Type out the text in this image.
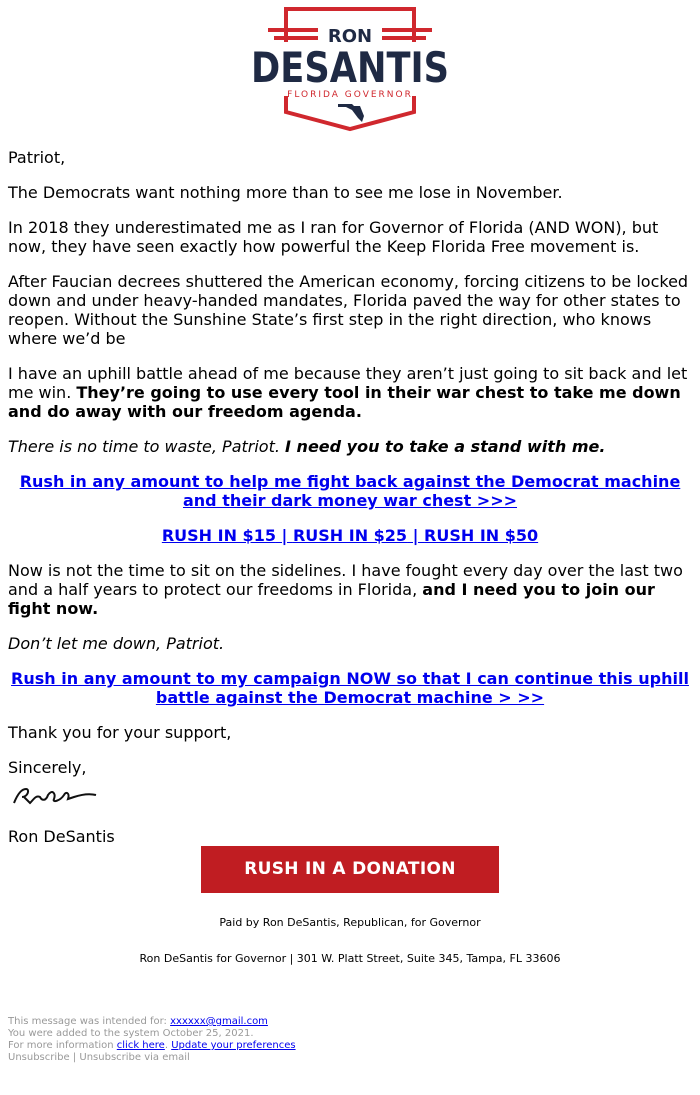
RON
DESANTIS
FLORIDA GOVERNOR

Patriot,

The Democrats want nothing more than to see me lose in November.

In 2018 they underestimated me as I ran for Governor of Florida (AND WON), but now, they have seen exactly how powerful the Keep Florida Free movement is.

After Faucian decrees shuttered the American economy, forcing citizens to be locked down and under heavy-handed mandates, Florida paved the way for other states to reopen. Without the Sunshine State’s first step in the right direction, who knows where we’d be

I have an uphill battle ahead of me because they aren’t just going to sit back and let me win. They’re going to use every tool in their war chest to take me down and do away with our freedom agenda.

There is no time to waste, Patriot. I need you to take a stand with me.

Rush in any amount to help me fight back against the Democrat machine and their dark money war chest >>>

RUSH IN $15 | RUSH IN $25 | RUSH IN $50

Now is not the time to sit on the sidelines. I have fought every day over the last two and a half years to protect our freedoms in Florida, and I need you to join our fight now.

Don’t let me down, Patriot.

Rush in any amount to my campaign NOW so that I can continue this uphill battle against the Democrat machine > >>

Thank you for your support,

Sincerely,

Ron DeSantis

RUSH IN A DONATION

Paid by Ron DeSantis, Republican, for Governor

Ron DeSantis for Governor | 301 W. Platt Street, Suite 345, Tampa, FL 33606

This message was intended for: xxxxxx@gmail.com
You were added to the system October 25, 2021.
For more information click here. Update your preferences
Unsubscribe | Unsubscribe via email
